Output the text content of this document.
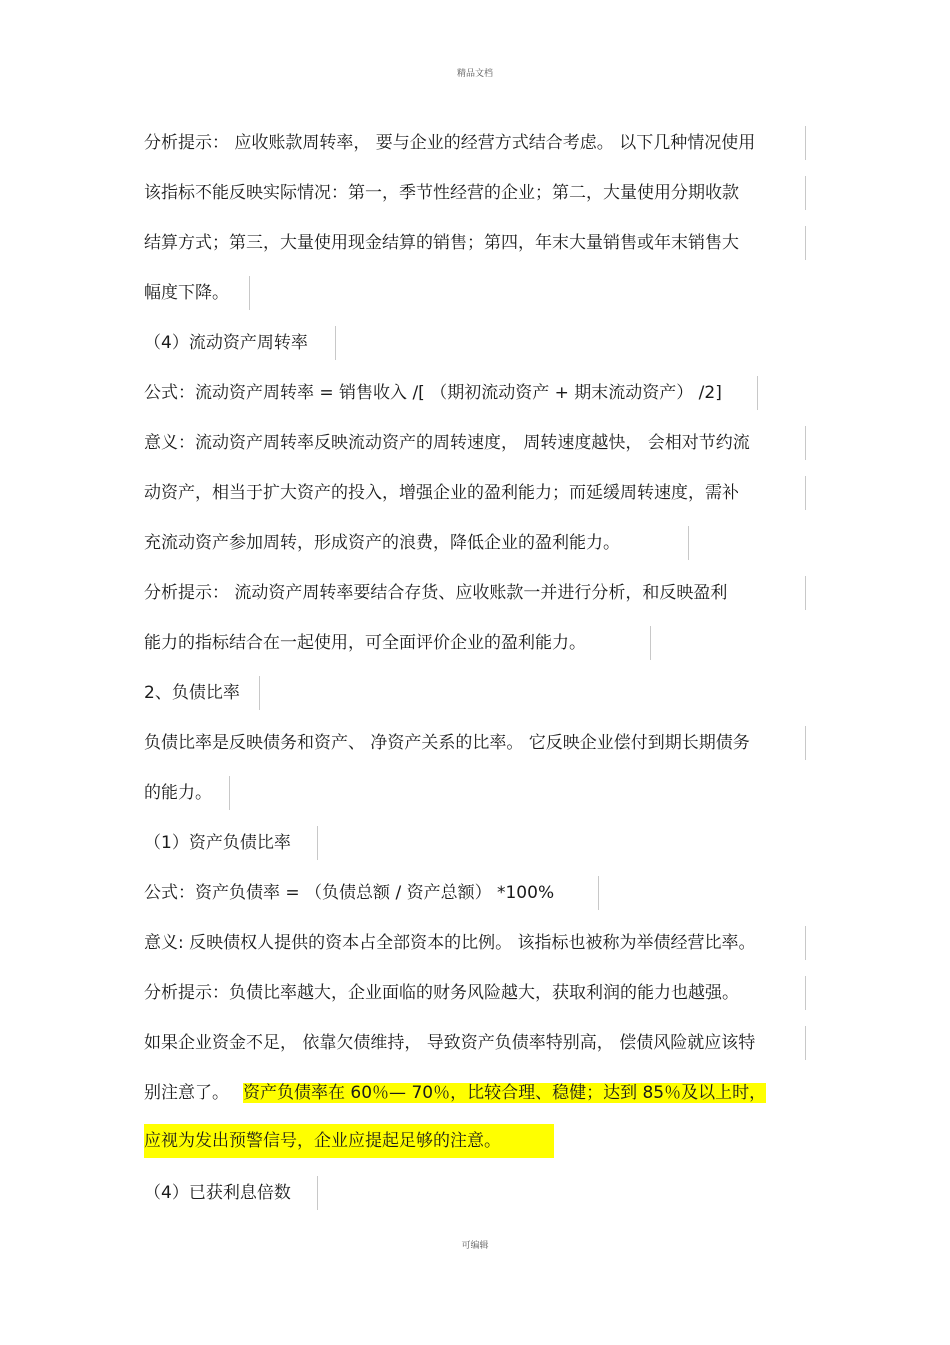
精品文档
分析提示： 应收账款周转率， 要与企业的经营方式结合考虑。 以下几种情况使用
该指标不能反映实际情况：第一，季节性经营的企业；第二，大量使用分期收款
结算方式；第三，大量使用现金结算的销售；第四，年末大量销售或年末销售大
幅度下降。
（4）流动资产周转率
公式：流动资产周转率 = 销售收入 /[ （期初流动资产 + 期末流动资产） /2]
意义：流动资产周转率反映流动资产的周转速度， 周转速度越快， 会相对节约流
动资产，相当于扩大资产的投入，增强企业的盈利能力；而延缓周转速度，需补
充流动资产参加周转，形成资产的浪费，降低企业的盈利能力。
分析提示： 流动资产周转率要结合存货、应收账款一并进行分析，和反映盈利
能力的指标结合在一起使用，可全面评价企业的盈利能力。
2、负债比率
负债比率是反映债务和资产、 净资产关系的比率。 它反映企业偿付到期长期债务
的能力。
（1）资产负债比率
公式：资产负债率 = （负债总额 / 资产总额） *100%
意义: 反映债权人提供的资本占全部资本的比例。 该指标也被称为举债经营比率。
分析提示：负债比率越大，企业面临的财务风险越大，获取利润的能力也越强。
如果企业资金不足， 依靠欠债维持， 导致资产负债率特别高， 偿债风险就应该特
别注意了。 资产负债率在 60％— 70％，比较合理、稳健；达到 85％及以上时，
应视为发出预警信号，企业应提起足够的注意。
（4）已获利息倍数
可编辑
